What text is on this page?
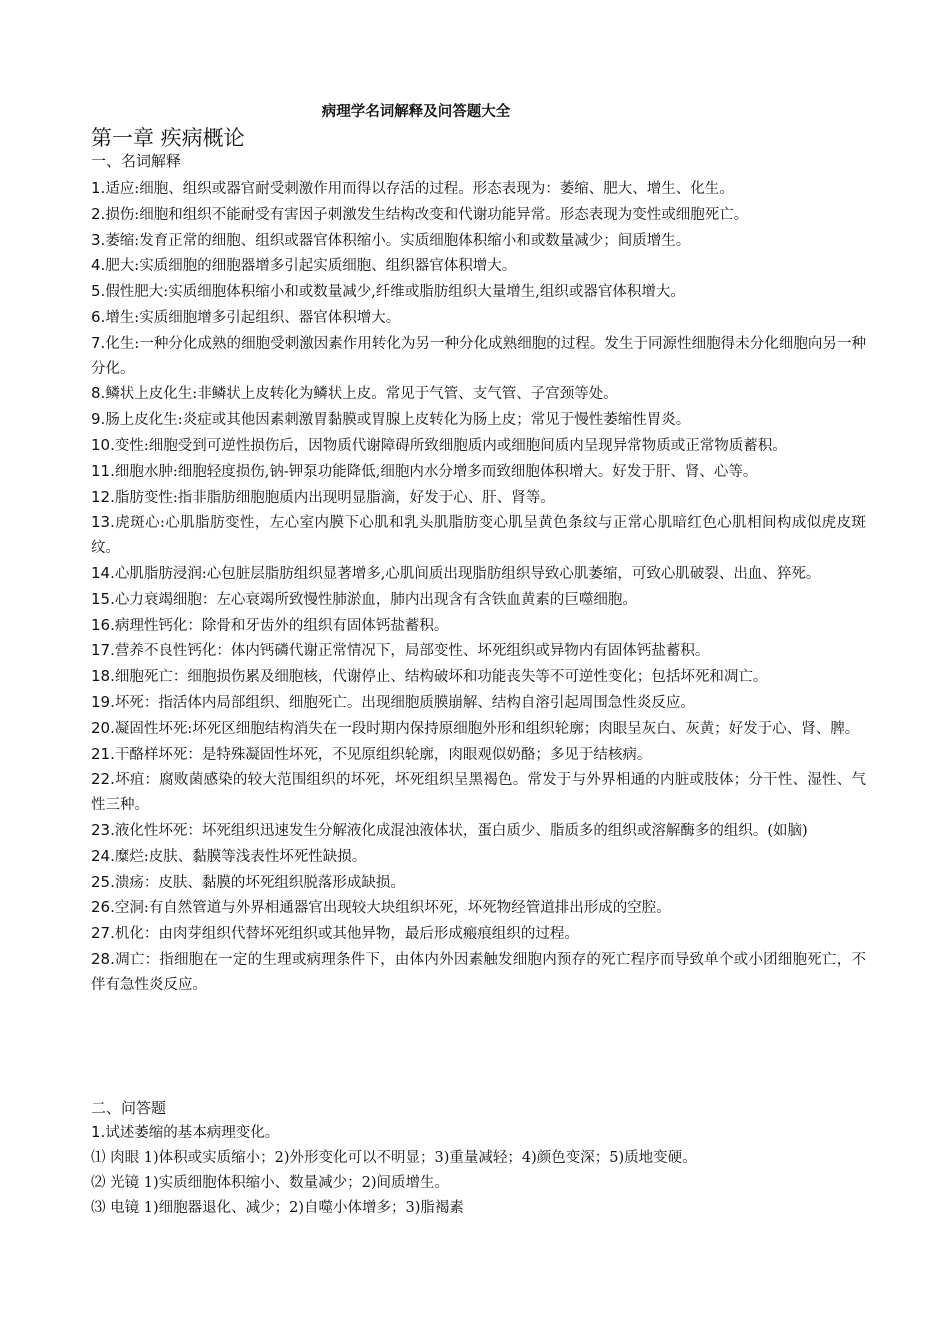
病理学名词解释及问答题大全
第一章 疾病概论
一、名词解释
1.适应:细胞、组织或器官耐受刺激作用而得以存活的过程。形态表现为：萎缩、肥大、增生、化生。
2.损伤:细胞和组织不能耐受有害因子刺激发生结构改变和代谢功能异常。形态表现为变性或细胞死亡。
3.萎缩:发育正常的细胞、组织或器官体积缩小。实质细胞体积缩小和或数量减少；间质增生。
4.肥大:实质细胞的细胞器增多引起实质细胞、组织器官体积增大。
5.假性肥大:实质细胞体积缩小和或数量减少,纤维或脂肪组织大量增生,组织或器官体积增大。
6.增生:实质细胞增多引起组织、器官体积增大。
7.化生:一种分化成熟的细胞受刺激因素作用转化为另一种分化成熟细胞的过程。发生于同源性细胞得未分化细胞向另一种分化。
8.鳞状上皮化生:非鳞状上皮转化为鳞状上皮。常见于气管、支气管、子宫颈等处。
9.肠上皮化生:炎症或其他因素刺激胃黏膜或胃腺上皮转化为肠上皮；常见于慢性萎缩性胃炎。
10.变性:细胞受到可逆性损伤后，因物质代谢障碍所致细胞质内或细胞间质内呈现异常物质或正常物质蓄积。
11.细胞水肿:细胞轻度损伤,钠-钾泵功能降低,细胞内水分增多而致细胞体积增大。好发于肝、肾、心等。
12.脂肪变性:指非脂肪细胞胞质内出现明显脂滴，好发于心、肝、肾等。
13.虎斑心:心肌脂肪变性，左心室内膜下心肌和乳头肌脂肪变心肌呈黄色条纹与正常心肌暗红色心肌相间构成似虎皮斑纹。
14.心肌脂肪浸润:心包脏层脂肪组织显著增多,心肌间质出现脂肪组织导致心肌萎缩，可致心肌破裂、出血、猝死。
15.心力衰竭细胞：左心衰竭所致慢性肺淤血，肺内出现含有含铁血黄素的巨噬细胞。
16.病理性钙化：除骨和牙齿外的组织有固体钙盐蓄积。
17.营养不良性钙化：体内钙磷代谢正常情况下，局部变性、坏死组织或异物内有固体钙盐蓄积。
18.细胞死亡：细胞损伤累及细胞核，代谢停止、结构破坏和功能丧失等不可逆性变化；包括坏死和凋亡。
19.坏死：指活体内局部组织、细胞死亡。出现细胞质膜崩解、结构自溶引起周围急性炎反应。
20.凝固性坏死:坏死区细胞结构消失在一段时期内保持原细胞外形和组织轮廓；肉眼呈灰白、灰黄；好发于心、肾、脾。
21.干酪样坏死：是特殊凝固性坏死，不见原组织轮廓，肉眼观似奶酪；多见于结核病。
22.坏疽：腐败菌感染的较大范围组织的坏死，坏死组织呈黑褐色。常发于与外界相通的内脏或肢体；分干性、湿性、气性三种。
23.液化性坏死：坏死组织迅速发生分解液化成混浊液体状，蛋白质少、脂质多的组织或溶解酶多的组织。(如脑)
24.糜烂:皮肤、黏膜等浅表性坏死性缺损。
25.溃疡：皮肤、黏膜的坏死组织脱落形成缺损。
26.空洞:有自然管道与外界相通器官出现较大块组织坏死，坏死物经管道排出形成的空腔。
27.机化：由肉芽组织代替坏死组织或其他异物，最后形成瘢痕组织的过程。
28.凋亡：指细胞在一定的生理或病理条件下，由体内外因素触发细胞内预存的死亡程序而导致单个或小团细胞死亡，不伴有急性炎反应。
二、问答题
1.试述萎缩的基本病理变化。
⑴ 肉眼 1)体积或实质缩小；2)外形变化可以不明显；3)重量减轻；4)颜色变深；5)质地变硬。
⑵ 光镜 1)实质细胞体积缩小、数量减少；2)间质增生。
⑶ 电镜 1)细胞器退化、减少；2)自噬小体增多；3)脂褐素
